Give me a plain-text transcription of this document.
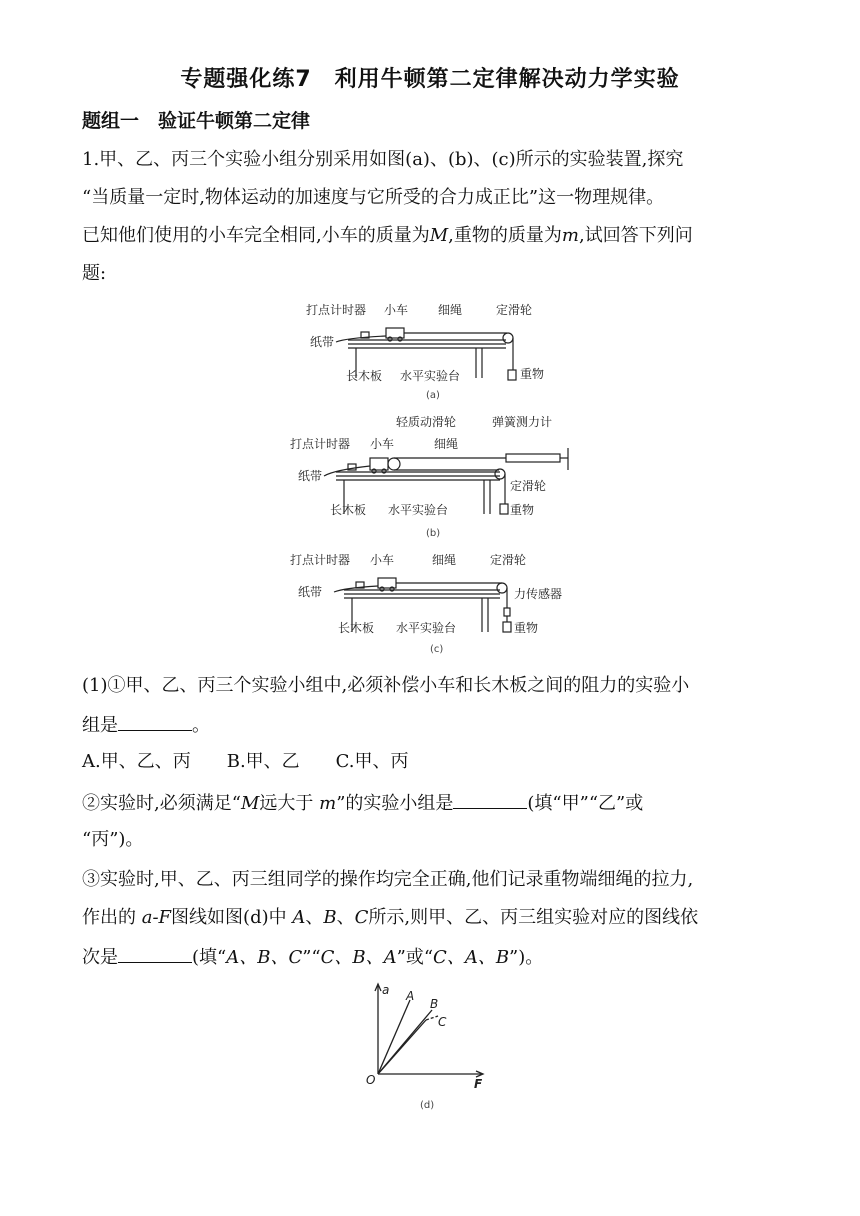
专题强化练7　利用牛顿第二定律解决动力学实验
题组一　验证牛顿第二定律
1.甲、乙、丙三个实验小组分别采用如图(a)、(b)、(c)所示的实验装置,探究
“当质量一定时,物体运动的加速度与它所受的合力成正比”这一物理规律。
已知他们使用的小车完全相同,小车的质量为M,重物的质量为m,试回答下列问
题:
打点计时器 小车 细绳	定滑轮
纸带
长木板 水平实验台	重物
(a)
轻质动滑轮	弹簧测力计
打点计时器 小车	细绳
纸带
定滑轮
长木板 水平实验台	重物
(b)
打点计时器 小车	细绳	定滑轮
纸带	力传感器
长木板 水平实验台	重物
(c)
(1)①甲、乙、丙三个实验小组中,必须补偿小车和长木板之间的阻力的实验小
组是	。
A.甲、乙、丙　　B.甲、乙　　C.甲、丙
②实验时,必须满足“M远大于 m”的实验小组是	(填“甲”“乙”或
“丙”)。
③实验时,甲、乙、丙三组同学的操作均完全正确,他们记录重物端细绳的拉力,
作出的 a-F图线如图(d)中 A、B、C所示,则甲、乙、丙三组实验对应的图线依
次是	(填“A、B、C”“C、B、A”或“C、A、B”)。
a
F
O
A
B
C
(d)
